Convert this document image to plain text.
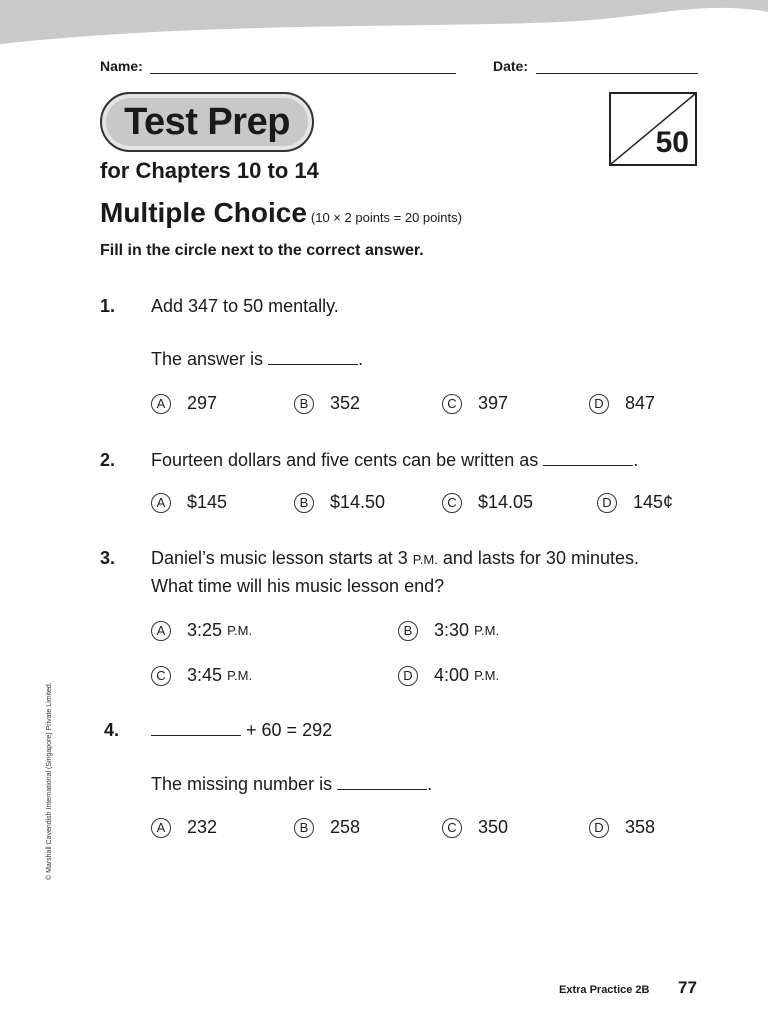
Name:	Date:
Test Prep	50
for Chapters 10 to 14
Multiple Choice (10 × 2 points = 20 points)
Fill in the circle next to the correct answer.
1. Add 347 to 50 mentally.
The answer is	.
A	297	B	352	C 397	D 847
2. Fourteen dollars and five cents can be written as	.
A	$145	B	$14.50	C $14.05	D 145¢
3. Daniel’s music lesson starts at 3 P.M. and lasts for 30 minutes.
What time will his music lesson end?
A	3:25
P.M.	B	3:30
P.M.
C 3:45
P.M.	D 4:00
P.M.
4.	+ 60 = 292
The missing number is	.
A	232	B	258	C 350	D 358
© Marshall Cavendish International (Singapore) Private Limited.
Extra Practice 2B 77
